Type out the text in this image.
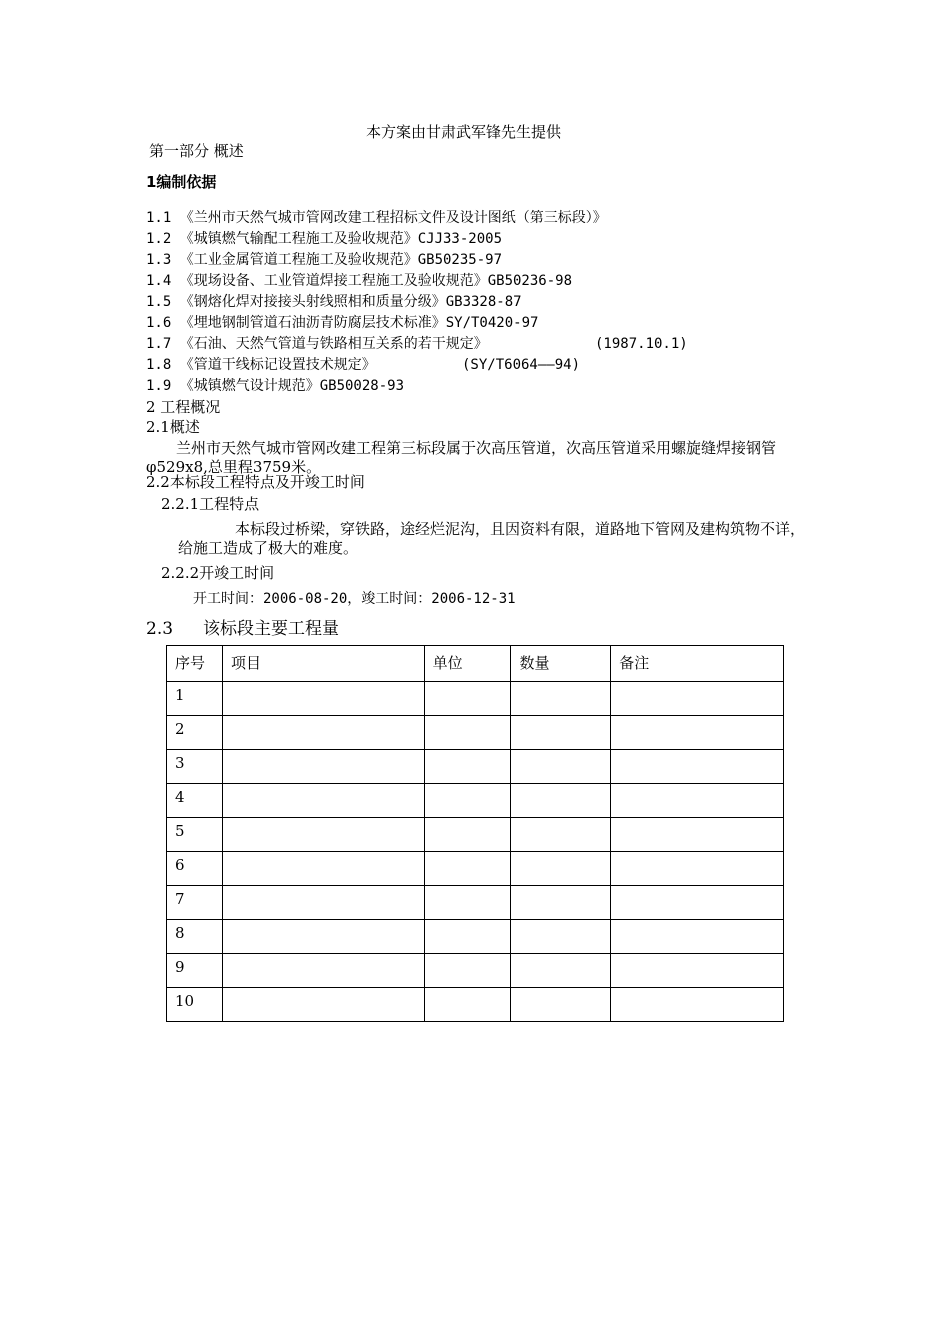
本方案由甘肃武军锋先生提供
第一部分 概述
1编制依据
1.1 《兰州市天然气城市管网改建工程招标文件及设计图纸（第三标段）》
1.2 《城镇燃气输配工程施工及验收规范》CJJ33-2005
1.3 《工业金属管道工程施工及验收规范》GB50235-97
1.4 《现场设备、工业管道焊接工程施工及验收规范》GB50236-98
1.5 《钢熔化焊对接接头射线照相和质量分级》GB3328-87
1.6 《埋地钢制管道石油沥青防腐层技术标准》SY/T0420-97
1.7 《石油、天然气管道与铁路相互关系的若干规定》	(1987.10.1)
1.8 《管道干线标记设置技术规定》	(SY/T6064——94)
1.9 《城镇燃气设计规范》GB50028-93
2 工程概况
2.1概述
兰州市天然气城市管网改建工程第三标段属于次高压管道，次高压管道采用螺旋缝焊接钢管 φ529x8,总里程3759米。
2.2本标段工程特点及开竣工时间
2.2.1工程特点
本标段过桥梁，穿铁路，途经烂泥沟，且因资料有限，道路地下管网及建构筑物不详，给施工造成了极大的难度。
2.2.2开竣工时间
开工时间：2006-08-20，竣工时间：2006-12-31
2.3 该标段主要工程量
序号	项目	单位	数量	备注
1				
2				
3				
4				
5				
6				
7				
8				
9				
10				
